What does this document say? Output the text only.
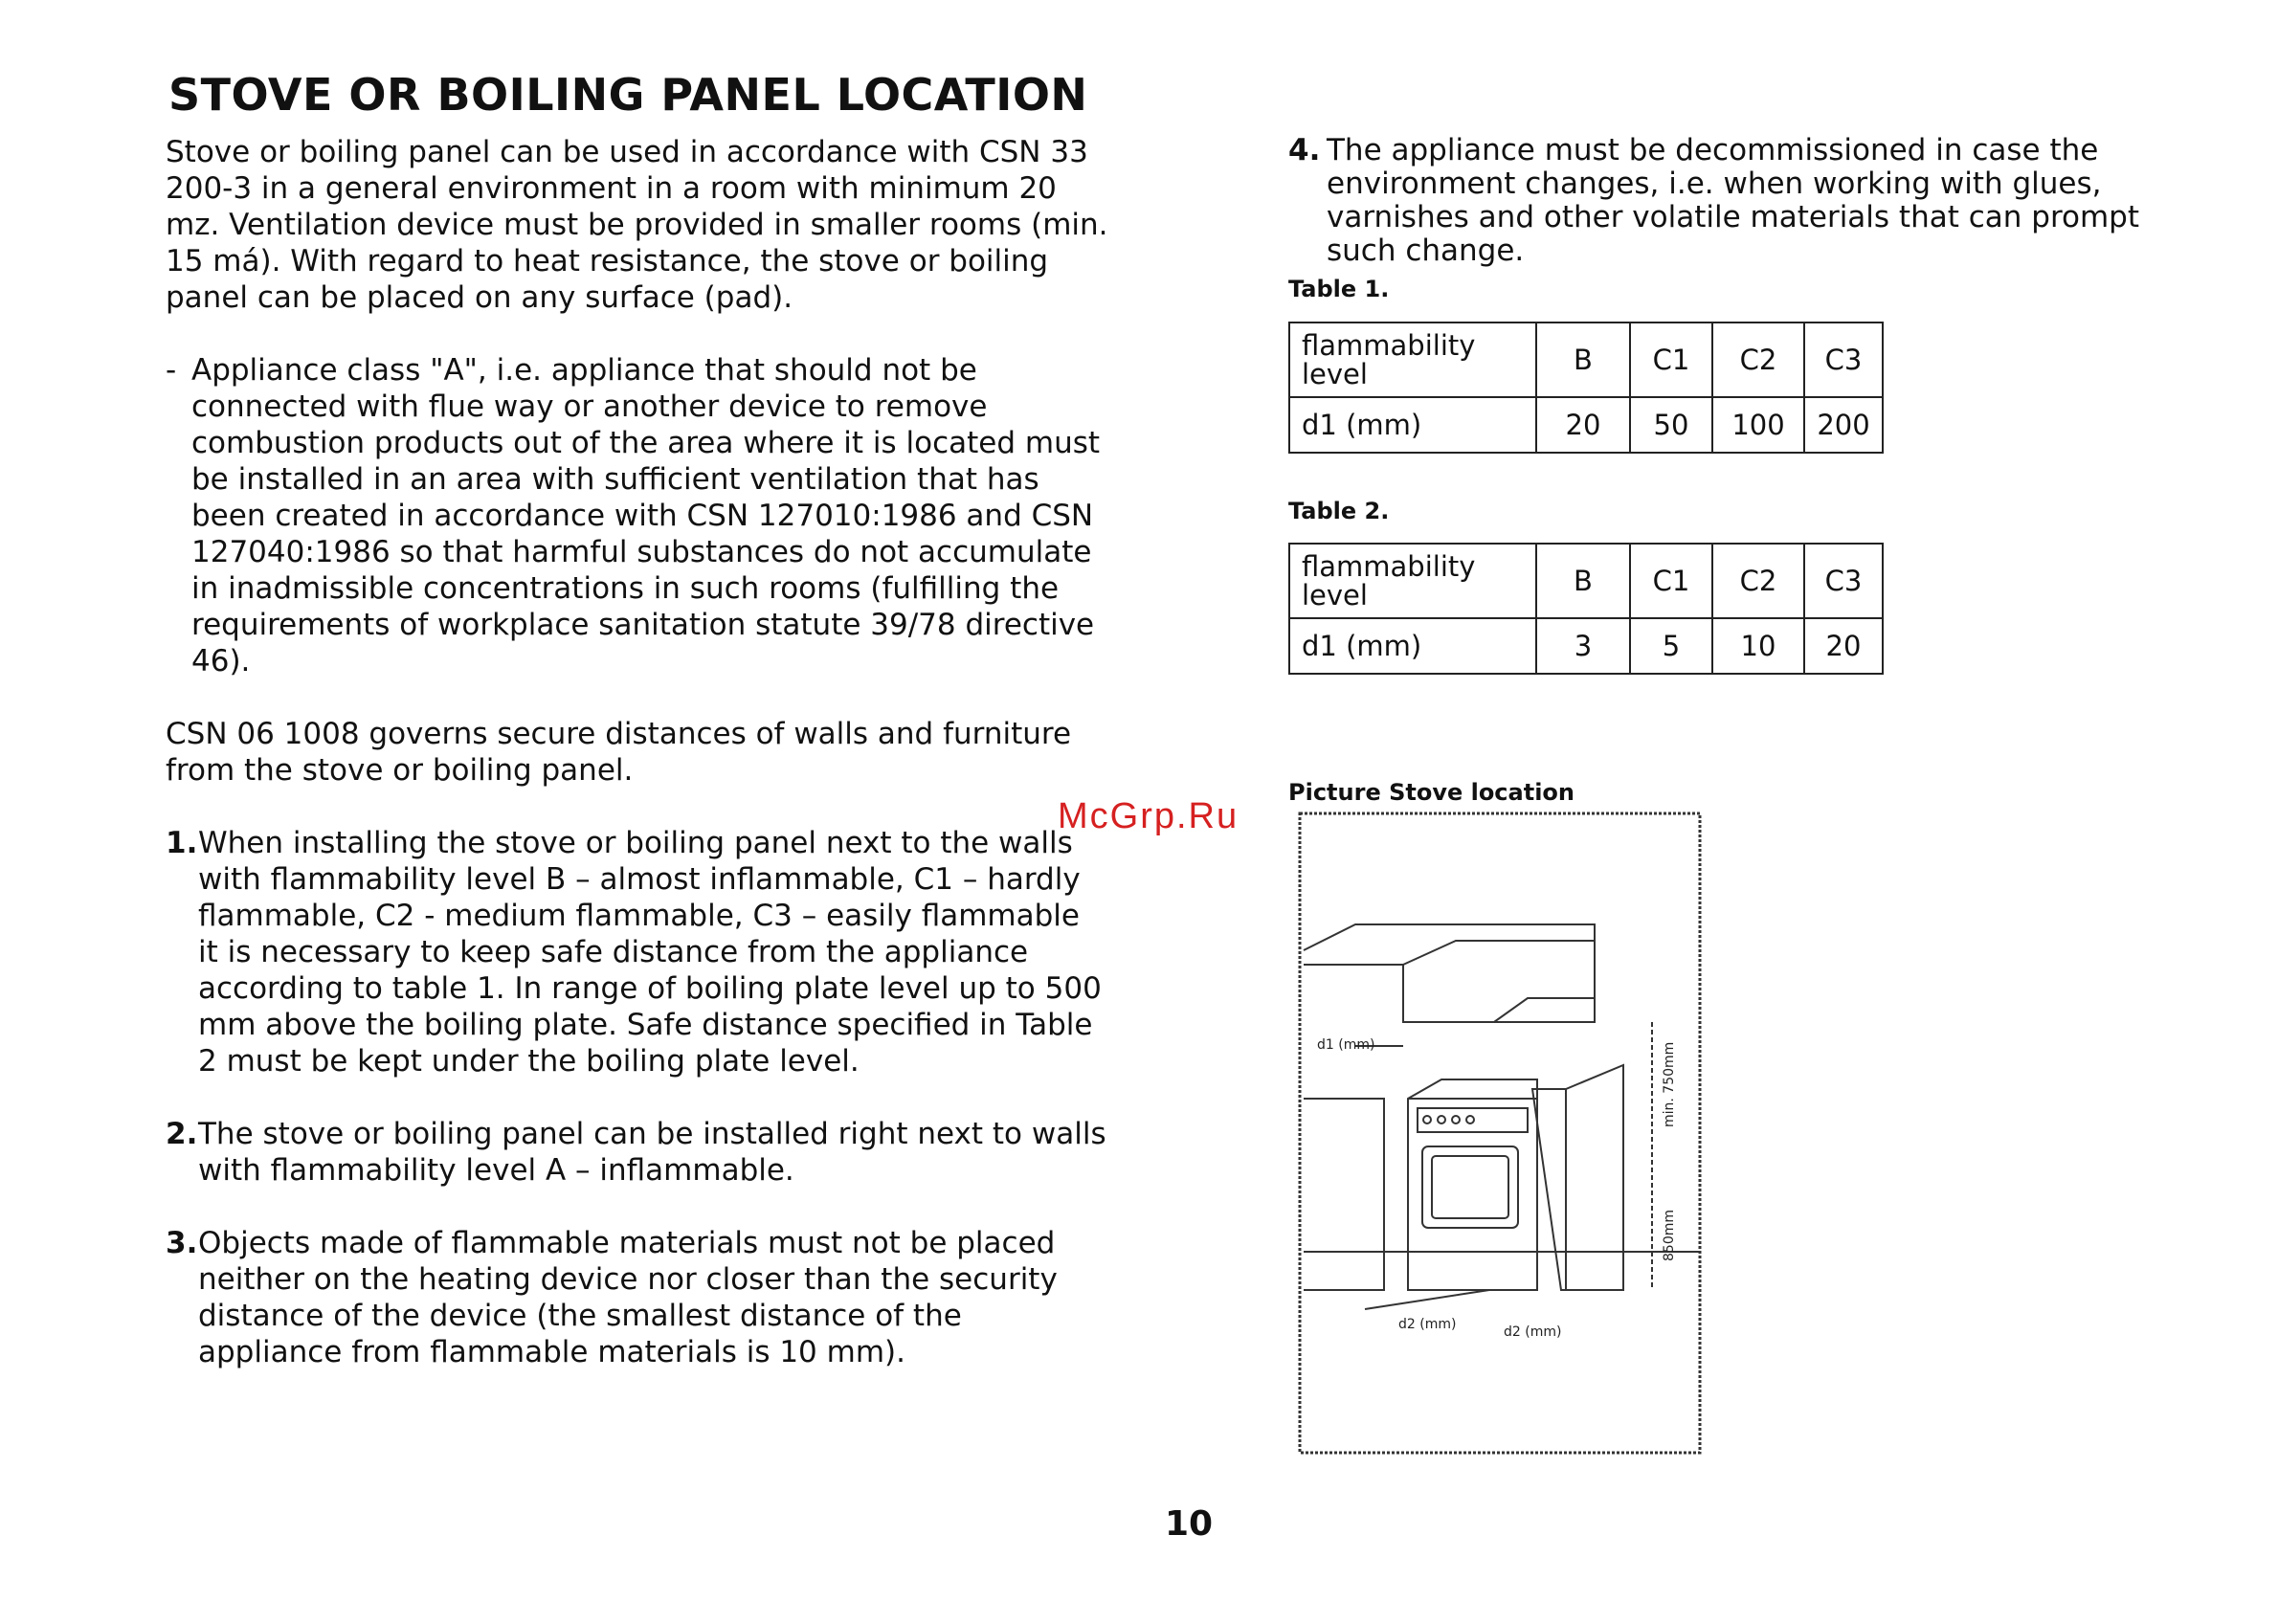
STOVE OR BOILING PANEL LOCATION

Stove or boiling panel can be used in accordance with CSN 33 200-3 in a general environment in a room with minimum 20 mz. Ventilation device must be provided in smaller rooms (min. 15 má). With regard to heat resistance, the stove or boiling panel can be placed on any surface (pad).

- Appliance class "A", i.e. appliance that should not be connected with flue way or another device to remove combustion products out of the area where it is located must be installed in an area with sufficient ventilation that has been created in accordance with CSN 127010:1986 and CSN 127040:1986 so that harmful substances do not accumulate in inadmissible concentrations in such rooms (fulfilling the requirements of workplace sanitation statute 39/78 directive 46).

CSN 06 1008 governs secure distances of walls and furniture from the stove or boiling panel.

1. When installing the stove or boiling panel next to the walls with flammability level B – almost inflammable, C1 – hardly flammable, C2 - medium flammable, C3 – easily flammable it is necessary to keep safe distance from the appliance according to table 1. In range of boiling plate level up to 500 mm above the boiling plate. Safe distance specified in Table 2 must be kept under the boiling plate level.
2. The stove or boiling panel can be installed right next to walls with flammability level A – inflammable.
3. Objects made of flammable materials must not be placed neither on the heating device nor closer than the security distance of the device (the smallest distance of the appliance from flammable materials is 10 mm).
4. The appliance must be decommissioned in case the environment changes, i.e. when working with glues, varnishes and other volatile materials that can prompt such change.
Table 1.
flammability level	B	C1	C2	C3
d1 (mm)	20	50	100	200
Table 2.
flammability level	B	C1	C2	C3
d1 (mm)	3	5	10	20
McGrp.Ru
Picture Stove location
d1 (mm)
d2 (mm)	d2 (mm)
min. 750mm
850mm
10
